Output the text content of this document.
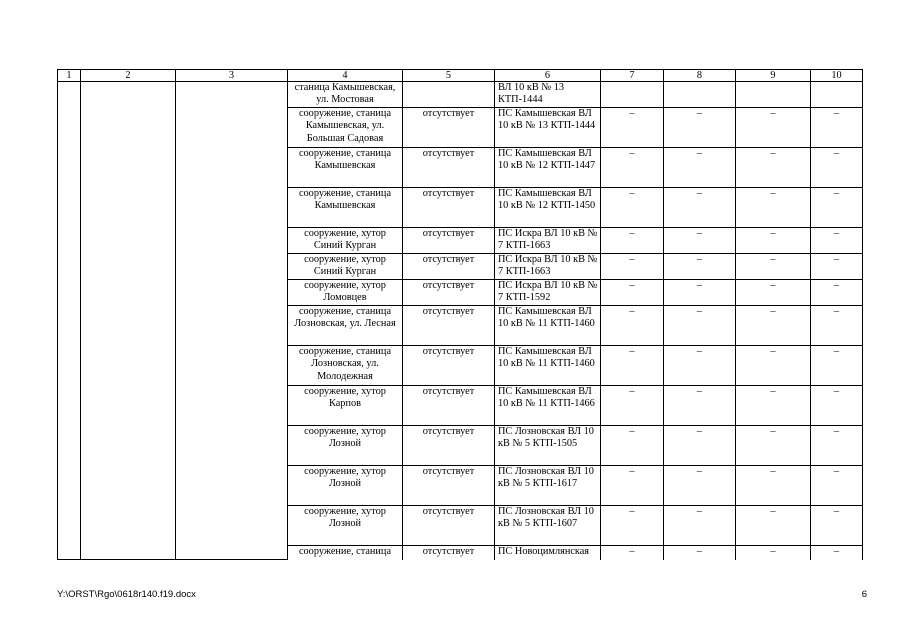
1	2	3	4	5	6	7	8	9	10
			станица Камышевская, ул. Мостовая		ВЛ 10 кВ № 13 КТП-1444				
			сооружение, станица Камышевская, ул. Большая Садовая	отсутствует	ПС Камышевская ВЛ 10 кВ № 13 КТП-1444	–	–	–	–
			сооружение, станица Камышевская	отсутствует	ПС Камышевская ВЛ 10 кВ № 12 КТП-1447	–	–	–	–
			сооружение, станица Камышевская	отсутствует	ПС Камышевская ВЛ 10 кВ № 12 КТП-1450	–	–	–	–
			сооружение, хутор Синий Курган	отсутствует	ПС Искра ВЛ 10 кВ № 7 КТП-1663	–	–	–	–
			сооружение, хутор Синий Курган	отсутствует	ПС Искра ВЛ 10 кВ № 7 КТП-1663	–	–	–	–
			сооружение, хутор Ломовцев	отсутствует	ПС Искра ВЛ 10 кВ № 7 КТП-1592	–	–	–	–
			сооружение, станица Лозновская, ул. Лесная	отсутствует	ПС Камышевская ВЛ 10 кВ № 11 КТП-1460	–	–	–	–
			сооружение, станица Лозновская, ул. Молодежная	отсутствует	ПС Камышевская ВЛ 10 кВ № 11 КТП-1460	–	–	–	–
			сооружение, хутор Карпов	отсутствует	ПС Камышевская ВЛ 10 кВ № 11 КТП-1466	–	–	–	–
			сооружение, хутор Лозной	отсутствует	ПС Лозновская ВЛ 10 кВ № 5 КТП-1505	–	–	–	–
			сооружение, хутор Лозной	отсутствует	ПС Лозновская ВЛ 10 кВ № 5 КТП-1617	–	–	–	–
			сооружение, хутор Лозной	отсутствует	ПС Лозновская ВЛ 10 кВ № 5 КТП-1607	–	–	–	–
			сооружение, станица	отсутствует	ПС Новоцимлянская	–	–	–	–
Y:\ORST\Rgo\0618r140.f19.docx	6
